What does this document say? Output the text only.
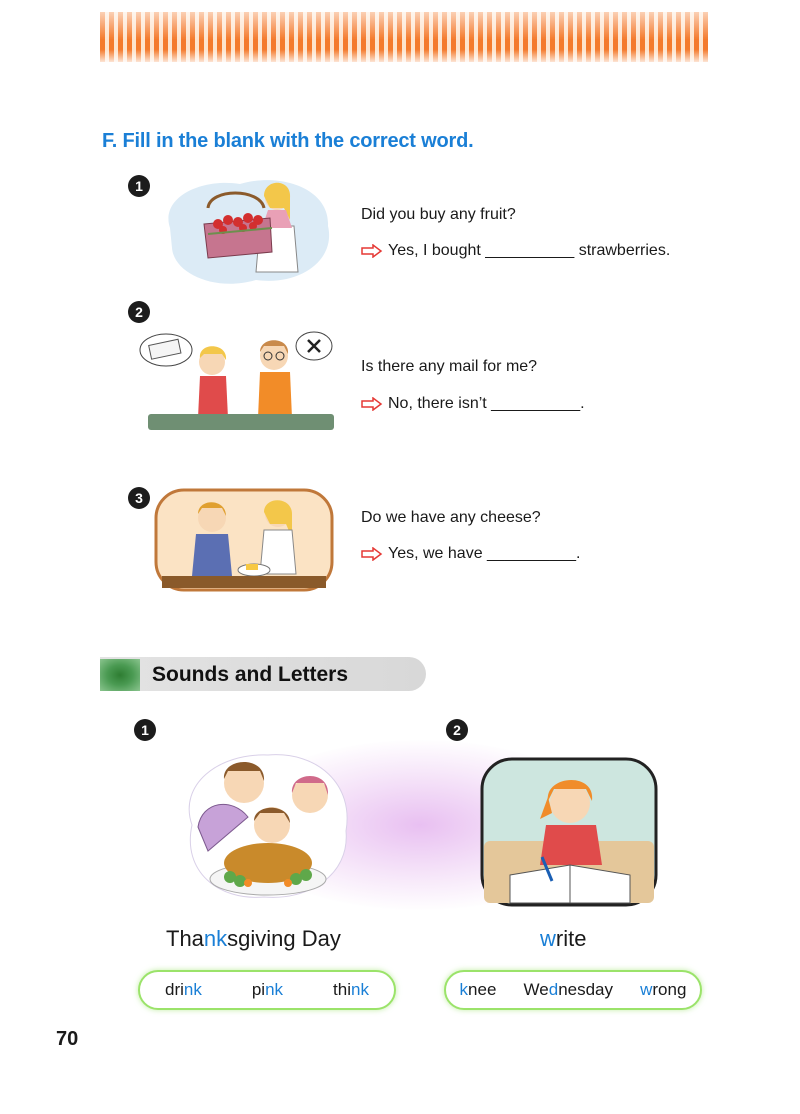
F. Fill in the blank with the correct word.
1
Did you buy any fruit?
Yes, I bought __________ strawberries.
2
Is there any mail for me?
No, there isn’t __________.
3
Do we have any cheese?
Yes, we have __________.
Sounds and Letters
1
Thanksgiving Day
drink	pink	think
2
write
knee Wednesday wrong
70
